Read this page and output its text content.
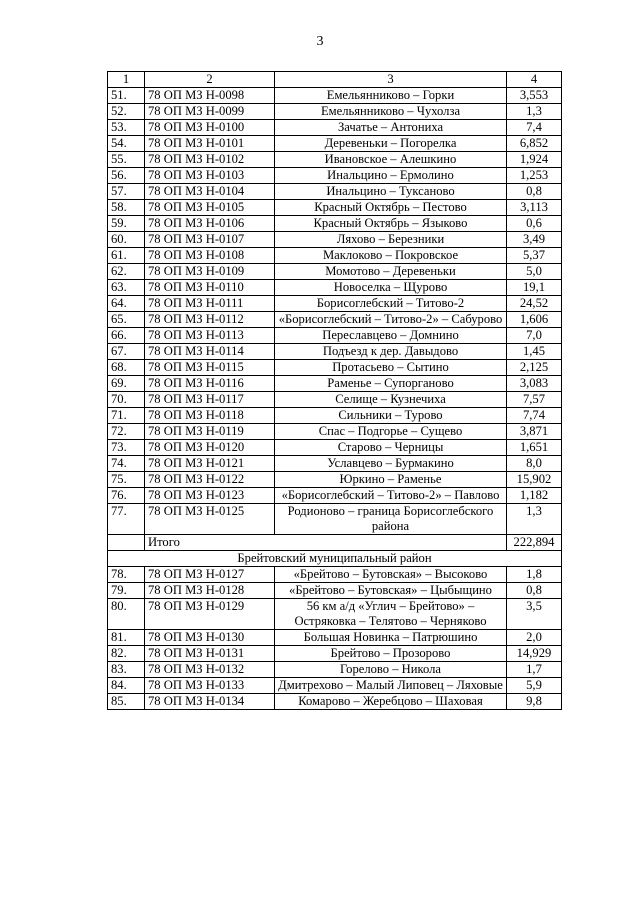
3
1	2	3	4
51.	78 ОП МЗ Н-0098	Емельянниково – Горки	3,553
52.	78 ОП МЗ Н-0099	Емельянниково – Чухолза	1,3
53.	78 ОП МЗ Н-0100	Зачатье – Антониха	7,4
54.	78 ОП МЗ Н-0101	Деревеньки – Погорелка	6,852
55.	78 ОП МЗ Н-0102	Ивановское – Алешкино	1,924
56.	78 ОП МЗ Н-0103	Инальцино – Ермолино	1,253
57.	78 ОП МЗ Н-0104	Инальцино – Туксаново	0,8
58.	78 ОП МЗ Н-0105	Красный Октябрь – Пестово	3,113
59.	78 ОП МЗ Н-0106	Красный Октябрь – Языково	0,6
60.	78 ОП МЗ Н-0107	Ляхово – Березники	3,49
61.	78 ОП МЗ Н-0108	Маклоково – Покровское	5,37
62.	78 ОП МЗ Н-0109	Момотово – Деревеньки	5,0
63.	78 ОП МЗ Н-0110	Новоселка – Щурово	19,1
64.	78 ОП МЗ Н-0111	Борисоглебский – Титово-2	24,52
65.	78 ОП МЗ Н-0112	«Борисоглебский – Титово-2» – Сабурово	1,606
66.	78 ОП МЗ Н-0113	Переславцево – Домнино	7,0
67.	78 ОП МЗ Н-0114	Подъезд к дер. Давыдово	1,45
68.	78 ОП МЗ Н-0115	Протасьево – Сытино	2,125
69.	78 ОП МЗ Н-0116	Раменье – Супорганово	3,083
70.	78 ОП МЗ Н-0117	Селище – Кузнечиха	7,57
71.	78 ОП МЗ Н-0118	Сильники – Турово	7,74
72.	78 ОП МЗ Н-0119	Спас – Подгорье – Сущево	3,871
73.	78 ОП МЗ Н-0120	Старово – Черницы	1,651
74.	78 ОП МЗ Н-0121	Уславцево – Бурмакино	8,0
75.	78 ОП МЗ Н-0122	Юркино – Раменье	15,902
76.	78 ОП МЗ Н-0123	«Борисоглебский – Титово-2» – Павлово	1,182
77.	78 ОП МЗ Н-0125	Родионово – граница Борисоглебского района	1,3
	Итого		222,894
Брейтовский муниципальный район			
78.	78 ОП МЗ Н-0127	«Брейтово – Бутовская» – Высоково	1,8
79.	78 ОП МЗ Н-0128	«Брейтово – Бутовская» – Цыбыщино	0,8
80.	78 ОП МЗ Н-0129	56 км а/д «Углич – Брейтово» – Остряковка – Телятово – Черняково	3,5
81.	78 ОП МЗ Н-0130	Большая Новинка – Патрюшино	2,0
82.	78 ОП МЗ Н-0131	Брейтово – Прозорово	14,929
83.	78 ОП МЗ Н-0132	Горелово – Никола	1,7
84.	78 ОП МЗ Н-0133	Дмитрехово – Малый Липовец – Ляховые	5,9
85.	78 ОП МЗ Н-0134	Комарово – Жеребцово – Шаховая	9,8
